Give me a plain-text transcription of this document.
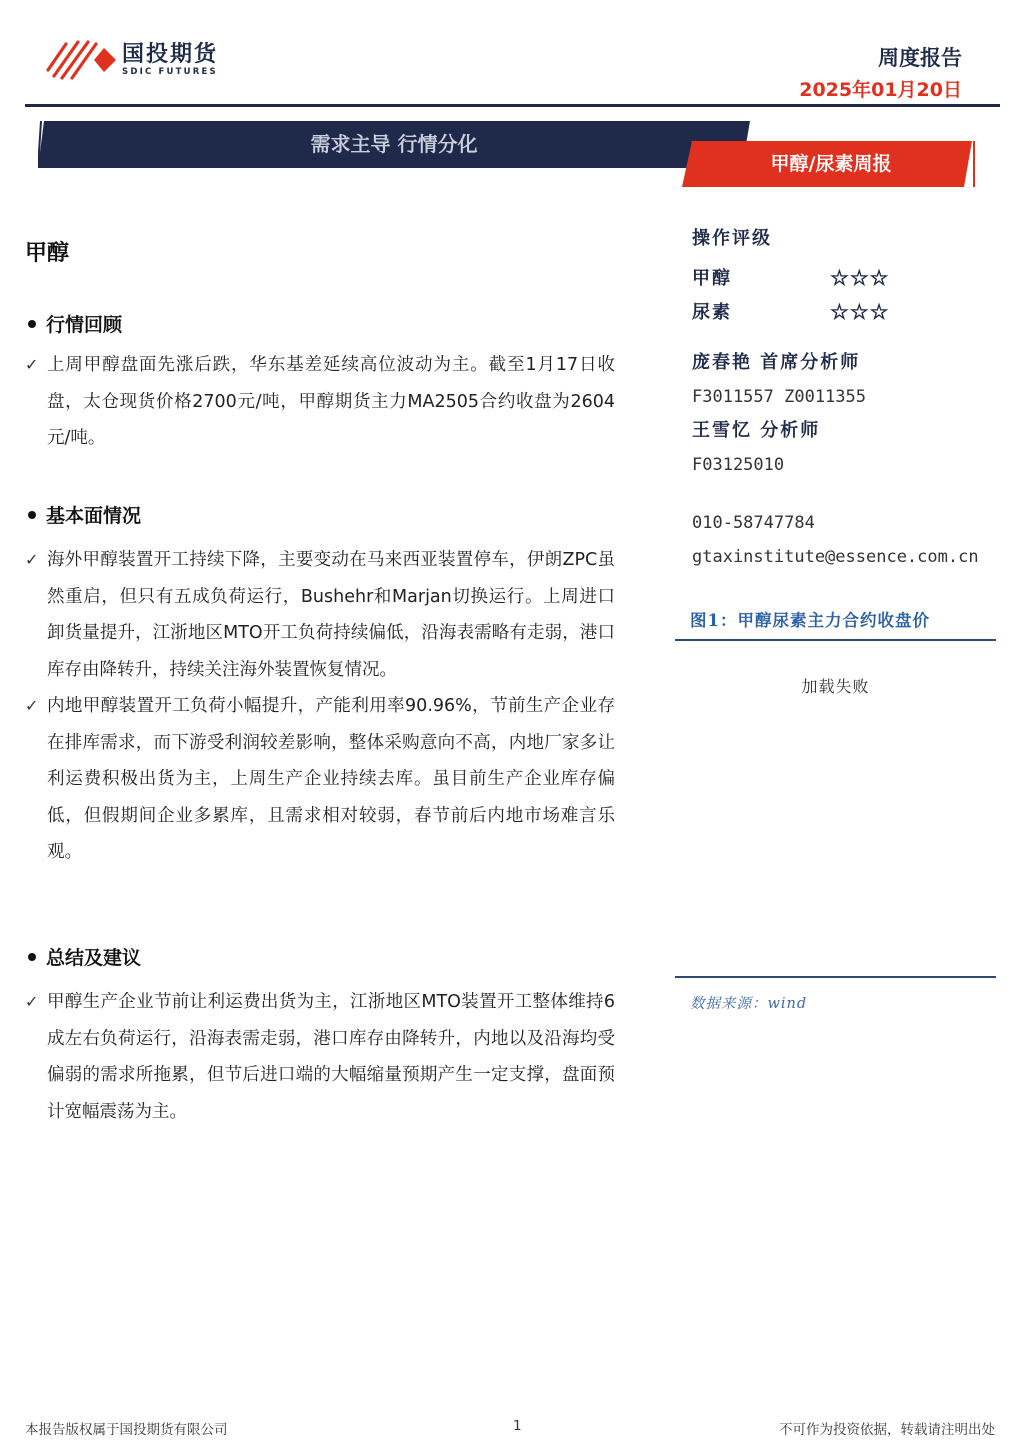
国投期货
SDIC FUTURES
周度报告
2025年01月20日
需求主导 行情分化
甲醇/尿素周报
甲醇
行情回顾
✓ 上周甲醇盘面先涨后跌，华东基差延续高位波动为主。截至1月17日收盘，太仓现货价格2700元/吨，甲醇期货主力MA2505合约收盘为2604元/吨。
基本面情况
✓ 海外甲醇装置开工持续下降，主要变动在马来西亚装置停车，伊朗ZPC虽然重启，但只有五成负荷运行，Bushehr和Marjan切换运行。上周进口卸货量提升，江浙地区MTO开工负荷持续偏低，沿海表需略有走弱，港口库存由降转升，持续关注海外装置恢复情况。
✓ 内地甲醇装置开工负荷小幅提升，产能利用率90.96%，节前生产企业存在排库需求，而下游受利润较差影响，整体采购意向不高，内地厂家多让利运费积极出货为主，上周生产企业持续去库。虽目前生产企业库存偏低，但假期间企业多累库，且需求相对较弱，春节前后内地市场难言乐观。
总结及建议
✓ 甲醇生产企业节前让利运费出货为主，江浙地区MTO装置开工整体维持6成左右负荷运行，沿海表需走弱，港口库存由降转升，内地以及沿海均受偏弱的需求所拖累，但节后进口端的大幅缩量预期产生一定支撑，盘面预计宽幅震荡为主。
操作评级
甲醇	☆☆☆
尿素	☆☆☆
庞春艳 首席分析师
F3011557 Z0011355
王雪忆 分析师
F03125010
010-58747784
gtaxinstitute@essence.com.cn
图1：甲醇尿素主力合约收盘价
加载失败
数据来源：wind
本报告版权属于国投期货有限公司	1	不可作为投资依据，转载请注明出处
